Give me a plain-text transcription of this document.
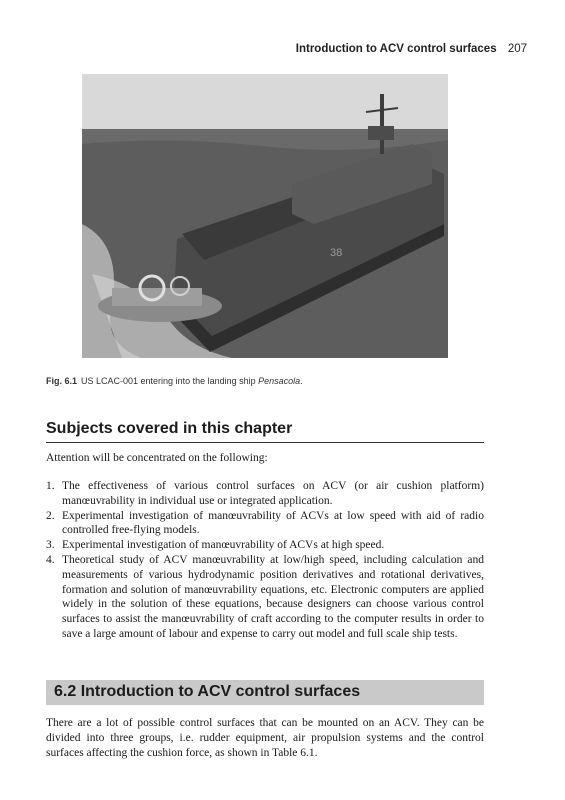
Introduction to ACV control surfaces 207
38
Fig. 6.1 US LCAC-001 entering into the landing ship Pensacola.
Subjects covered in this chapter
Attention will be concentrated on the following:
1. The effectiveness of various control surfaces on ACV (or air cushion platform) manœuvrability in individual use or integrated application.
2. Experimental investigation of manœuvrability of ACVs at low speed with aid of radio controlled free-flying models.
3. Experimental investigation of manœuvrability of ACVs at high speed.
4. Theoretical study of ACV manœuvrability at low/high speed, including calculation and measurements of various hydrodynamic position derivatives and rotational derivatives, formation and solution of manœuvrability equations, etc. Electronic computers are applied widely in the solution of these equations, because designers can choose various control surfaces to assist the manœuvrability of craft according to the computer results in order to save a large amount of labour and expense to carry out model and full scale ship tests.
6.2 Introduction to ACV control surfaces
There are a lot of possible control surfaces that can be mounted on an ACV. They can be divided into three groups, i.e. rudder equipment, air propulsion systems and the control surfaces affecting the cushion force, as shown in Table 6.1.
